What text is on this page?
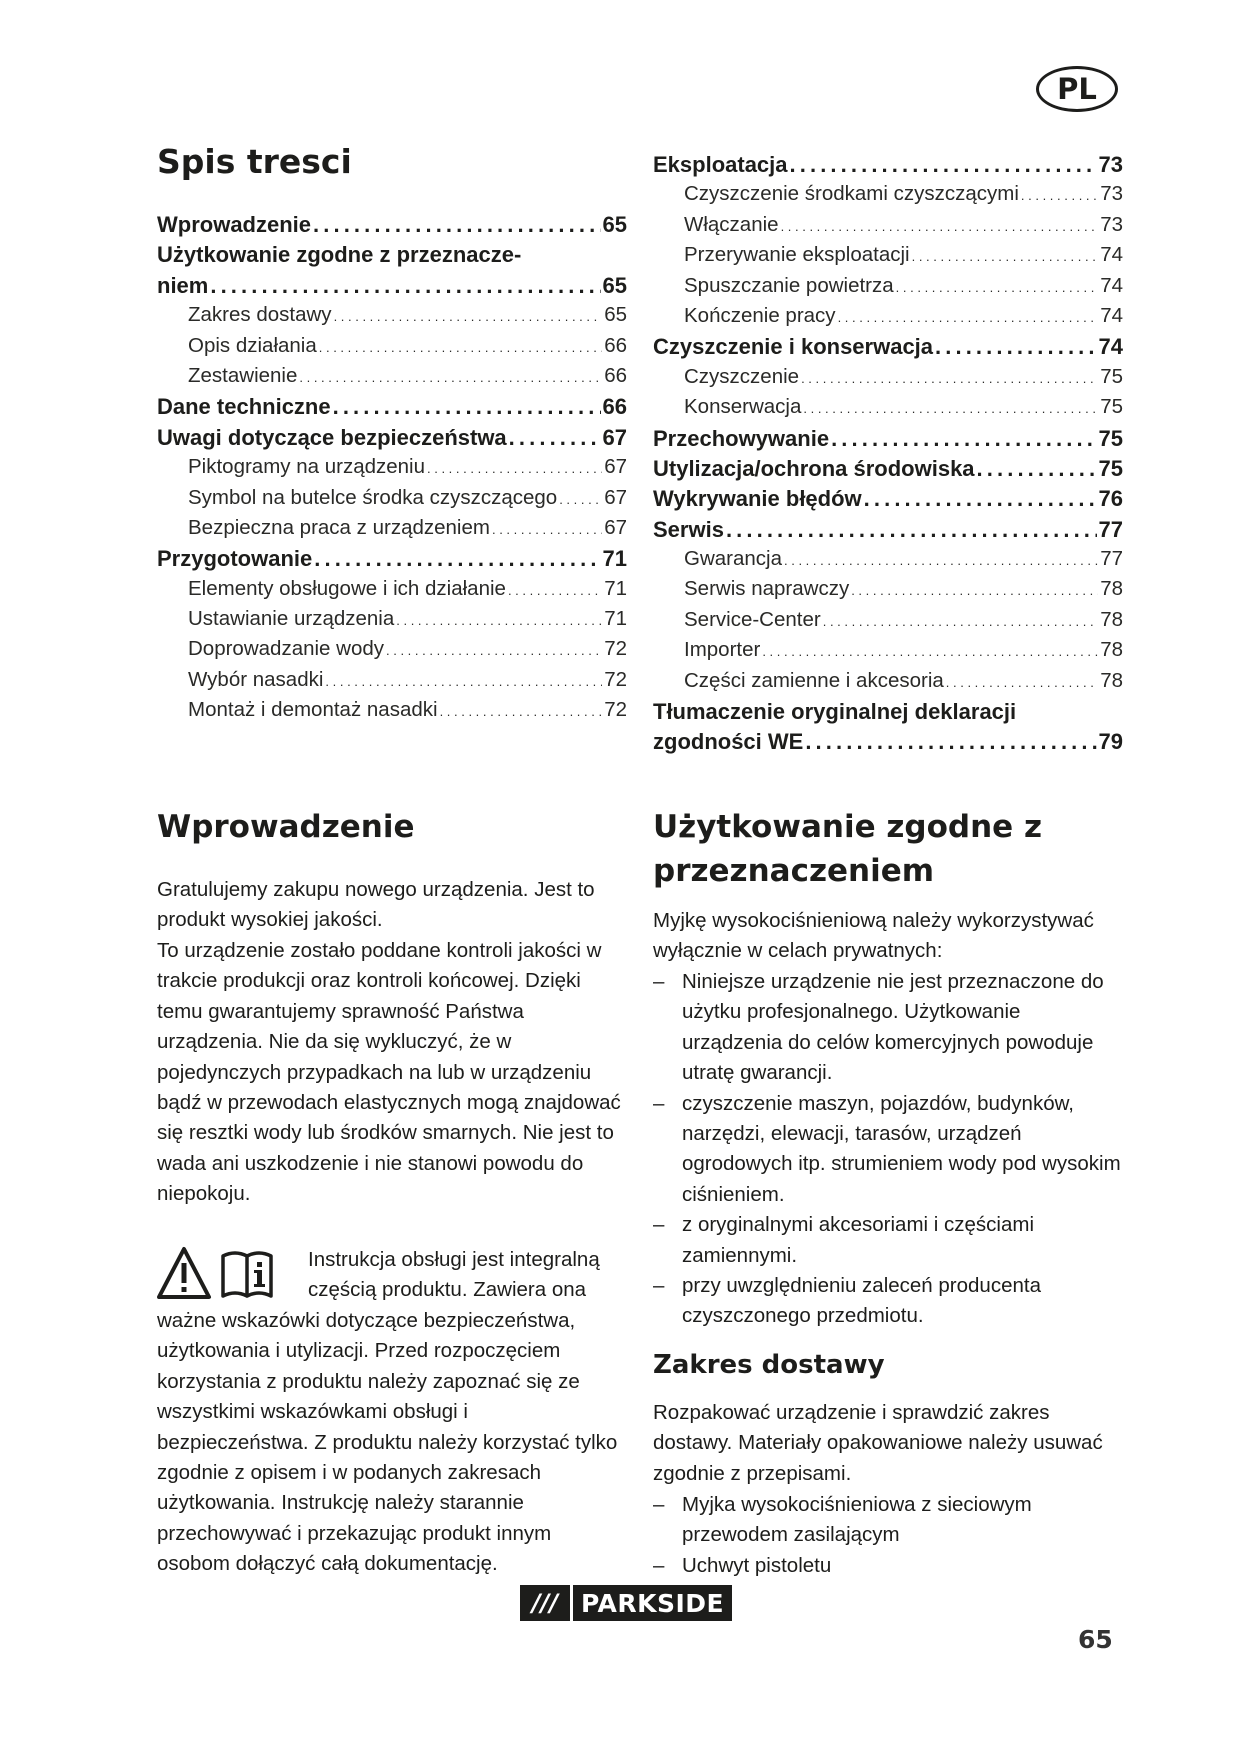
PL
Spis tresci
Wprowadzenie . . .	65
Użytkowanie zgodne z przeznacze-
niem . . .	65
Zakres dostawy . . .	65
Opis działania . . .	66
Zestawienie . . .	66
Dane techniczne . . .	66
Uwagi dotyczące bezpieczeństwa . . .	67
Piktogramy na urządzeniu . . .	67
Symbol na butelce środka czyszczącego . . . 67
Bezpieczna praca z urządzeniem . . .	67
Przygotowanie . . .	71
Elementy obsługowe i ich działanie . . .	71
Ustawianie urządzenia . . .	71
Doprowadzanie wody . . .	72
Wybór nasadki . . .	72
Montaż i demontaż nasadki . . .	72
Eksploatacja . . .	73
Czyszczenie środkami czyszczącymi . . .	73
Włączanie . . .	73
Przerywanie eksploatacji . . .	74
Spuszczanie powietrza . . .	74
Kończenie pracy . . .	74
Czyszczenie i konserwacja . . .	74
Czyszczenie . . .	75
Konserwacja . . .	75
Przechowywanie . . .	75
Utylizacja/ochrona środowiska . . .	75
Wykrywanie błędów . . .	76
Serwis . . .	77
Gwarancja . . .	77
Serwis naprawczy . . .	78
Service-Center . . .	78
Importer . . .	78
Części zamienne i akcesoria . . .	78
Tłumaczenie oryginalnej deklaracji
zgodności WE . . .	79
Wprowadzenie

Gratulujemy zakupu nowego urządzenia. Jest to produkt wysokiej jakości.

To urządzenie zostało poddane kontroli jakości w trakcie produkcji oraz kontroli końcowej. Dzięki temu gwarantujemy sprawność Państwa urządzenia. Nie da się wykluczyć, że w pojedynczych przypadkach na lub w urządzeniu bądź w przewodach elastycznych mogą znajdować się resztki wody lub środków smarnych. Nie jest to wada ani uszkodzenie i nie stanowi powodu do niepokoju.

Instrukcja obsługi jest integralną częścią produktu. Zawiera ona

ważne wskazówki dotyczące bezpieczeństwa, użytkowania i utylizacji. Przed rozpoczęciem korzystania z produktu należy zapoznać się ze wszystkimi wskazówkami obsługi i bezpieczeństwa. Z produktu należy korzystać tylko zgodnie z opisem i w podanych zakresach użytkowania. Instrukcję należy starannie przechowywać i przekazując produkt innym osobom dołączyć całą dokumentację.

Użytkowanie zgodne z przeznaczeniem

Myjkę wysokociśnieniową należy wykorzystywać wyłącznie w celach prywatnych:

– Niniejsze urządzenie nie jest przeznaczone do użytku profesjonalnego. Użytkowanie urządzenia do celów komercyjnych powoduje utratę gwarancji.
– czyszczenie maszyn, pojazdów, budynków, narzędzi, elewacji, tarasów, urządzeń ogrodowych itp. strumieniem wody pod wysokim ciśnieniem.
– z oryginalnymi akcesoriami i częściami zamiennymi.
– przy uwzględnieniu zaleceń producenta czyszczonego przedmiotu.
Zakres dostawy

Rozpakować urządzenie i sprawdzić zakres dostawy. Materiały opakowaniowe należy usuwać zgodnie z przepisami.

– Myjka wysokociśnieniowa z sieciowym przewodem zasilającym
– Uchwyt pistoletu
/// PARKSIDE
65
